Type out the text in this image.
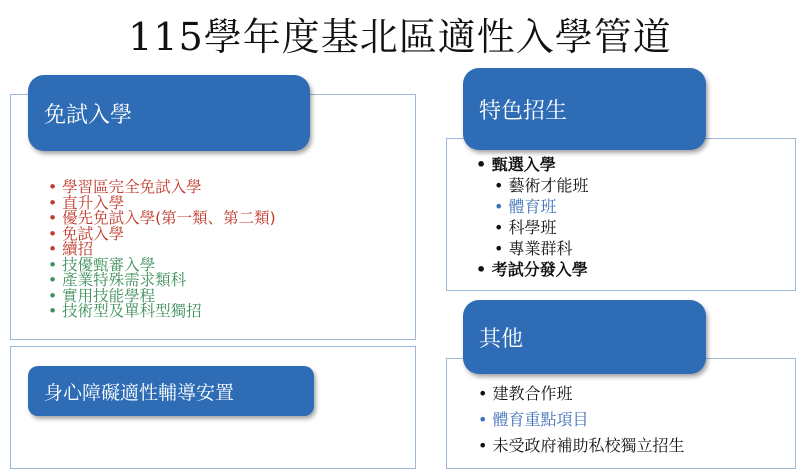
115學年度基北區適性入學管道
免試入學
• 學習區完全免試入學
• 直升入學
• 優先免試入學(第一類、第二類)
• 免試入學
• 續招
• 技優甄審入學
• 產業特殊需求類科
• 實用技能學程
• 技術型及單科型獨招
身心障礙適性輔導安置
特色招生
• 甄選入學
• 藝術才能班
• 體育班
• 科學班
• 專業群科
• 考試分發入學
其他
• 建教合作班
• 體育重點項目
• 未受政府補助私校獨立招生
